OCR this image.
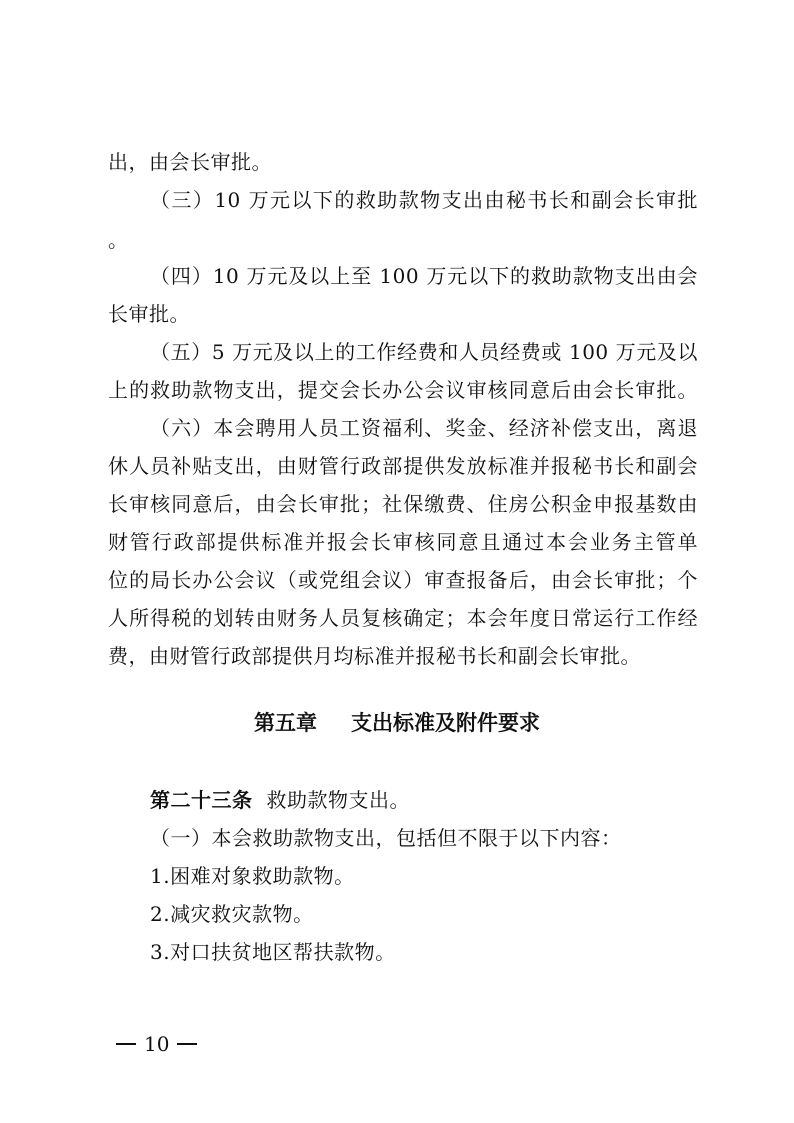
出，由会长审批。
（三）10 万元以下的救助款物支出由秘书长和副会长审批
。
（四）10 万元及以上至 100 万元以下的救助款物支出由会
长审批。
（五）5 万元及以上的工作经费和人员经费或 100 万元及以
上的救助款物支出，提交会长办公会议审核同意后由会长审批。
（六）本会聘用人员工资福利、奖金、经济补偿支出，离退
休人员补贴支出，由财管行政部提供发放标准并报秘书长和副会
长审核同意后，由会长审批；社保缴费、住房公积金申报基数由
财管行政部提供标准并报会长审核同意且通过本会业务主管单
位的局长办公会议（或党组会议）审查报备后，由会长审批；个
人所得税的划转由财务人员复核确定；本会年度日常运行工作经
费，由财管行政部提供月均标准并报秘书长和副会长审批。
第五章 支出标准及附件要求
第二十三条 救助款物支出。
（一）本会救助款物支出，包括但不限于以下内容：
1.困难对象救助款物。
2.减灾救灾款物。
3.对口扶贫地区帮扶款物。
10
